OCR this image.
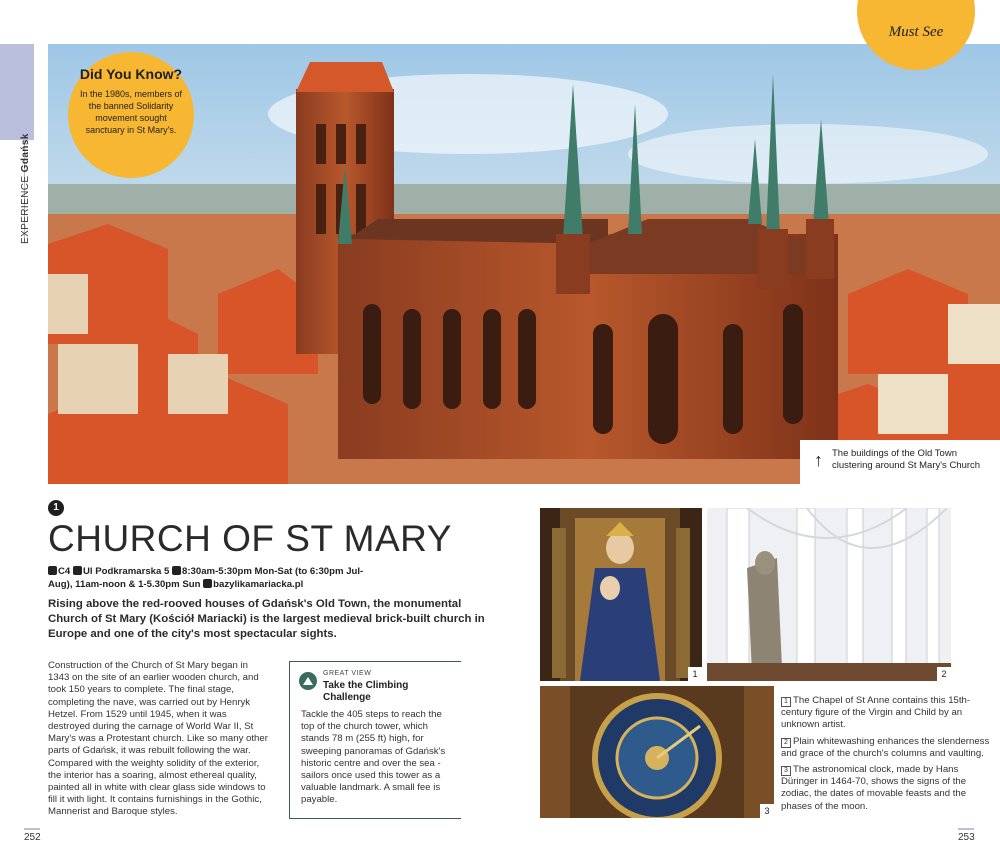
EXPERIENCE Gdańsk
Did You Know?
In the 1980s, members of the banned Solidarity movement sought sanctuary in St Mary's.
Must See
↑ The buildings of the Old Town clustering around St Mary's Church
1
CHURCH OF ST MARY
C4 Ul Podkramarska 5 8:30am-5:30pm Mon-Sat (to 6:30pm Jul-Aug), 11am-noon & 1-5.30pm Sun bazylikamariacka.pl

Rising above the red-rooved houses of Gdańsk's Old Town, the monumental Church of St Mary (Kościół Mariacki) is the largest medieval brick-built church in Europe and one of the city's most spectacular sights.

Construction of the Church of St Mary began in 1343 on the site of an earlier wooden church, and took 150 years to complete. The final stage, completing the nave, was carried out by Henryk Hetzel. From 1529 until 1945, when it was destroyed during the carnage of World War II, St Mary's was a Protestant church. Like so many other parts of Gdańsk, it was rebuilt following the war. Compared with the weighty solidity of the exterior, the interior has a soaring, almost ethereal quality, painted all in white with clear glass side windows to fill it with light. It contains furnishings in the Gothic, Mannerist and Baroque styles.

GREAT VIEW
Take the Climbing Challenge
Tackle the 405 steps to reach the top of the church tower, which stands 78 m (255 ft) high, for sweeping panoramas of Gdańsk's historic centre and over the sea - sailors once used this tower as a valuable landmark. A small fee is payable.
1	2
3

1 The Chapel of St Anne contains this 15th-century figure of the Virgin and Child by an unknown artist.

2 Plain whitewashing enhances the slenderness and grace of the church's columns and vaulting.

3 The astronomical clock, made by Hans Düringer in 1464-70, shows the signs of the zodiac, the dates of movable feasts and the phases of the moon.

252	253
